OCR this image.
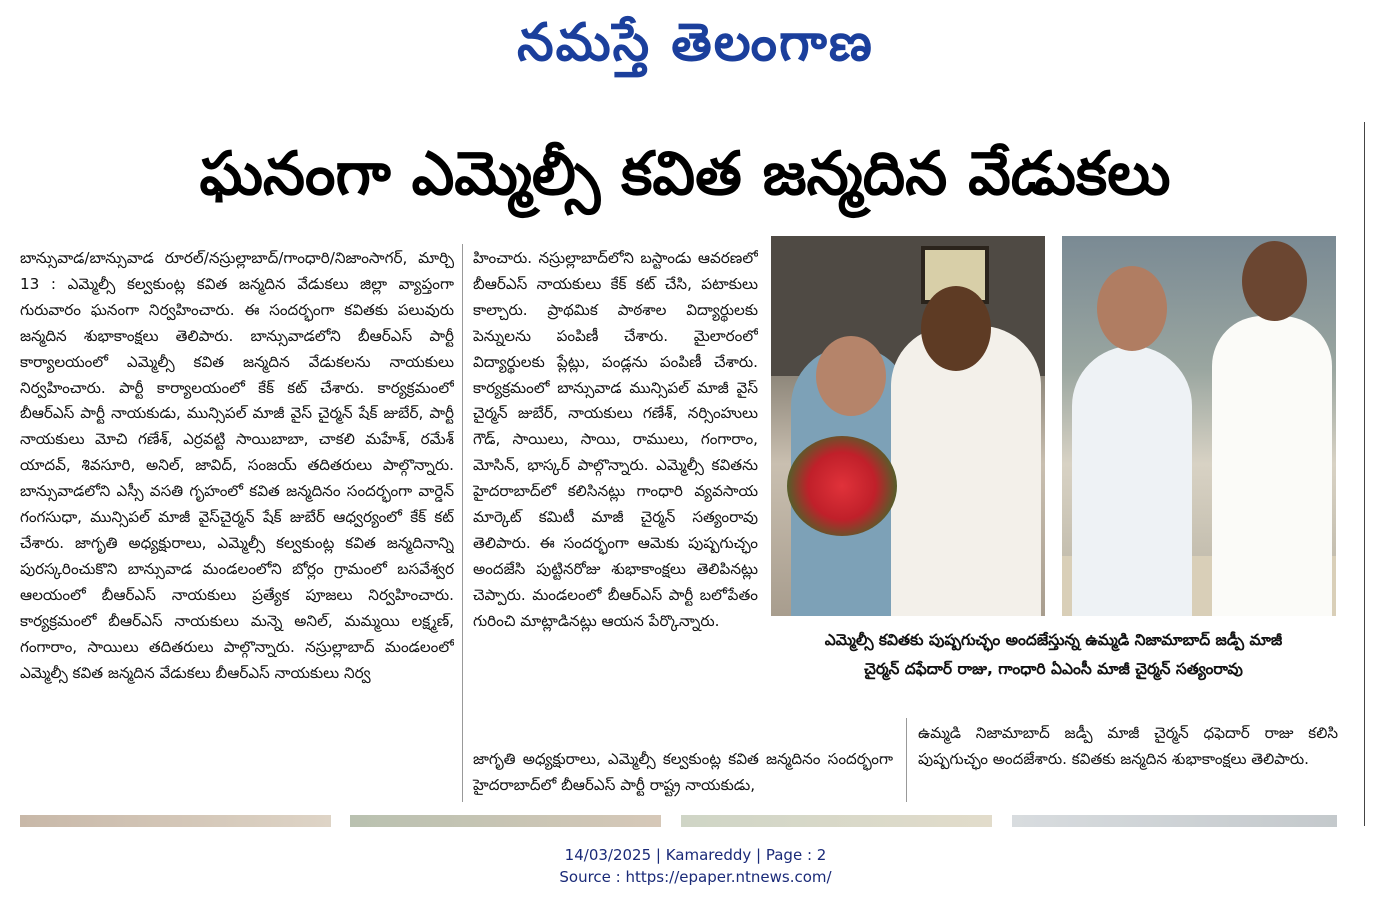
నమస్తే తెలంగాణ
ఘనంగా ఎమ్మెల్సీ కవిత జన్మదిన వేడుకలు

బాన్సువాడ/బాన్సువాడ రూరల్/నస్రుల్లాబాద్/గాంధారి/నిజాంసాగర్, మార్చి 13 : ఎమ్మెల్సీ కల్వకుంట్ల కవిత జన్మదిన వేడుకలు జిల్లా వ్యాప్తంగా గురువారం ఘనంగా నిర్వహించారు. ఈ సందర్భంగా కవితకు పలువురు జన్మదిన శుభాకాంక్షలు తెలిపారు. బాన్సువాడలోని బీఆర్ఎస్ పార్టీ కార్యాలయంలో ఎమ్మెల్సీ కవిత జన్మదిన వేడుకలను నాయకులు నిర్వహించారు. పార్టీ కార్యాలయంలో కేక్ కట్ చేశారు. కార్యక్రమంలో బీఆర్ఎస్ పార్టీ నాయకుడు, మున్సిపల్ మాజీ వైస్ చైర్మన్ షేక్ జుబేర్, పార్టీ నాయకులు మోచి గణేశ్, ఎర్రవట్టి సాయిబాబా, చాకలి మహేశ్, రమేశ్ యాదవ్, శివసూరి, అనిల్, జావిద్, సంజయ్ తదితరులు పాల్గొన్నారు. బాన్సువాడలోని ఎస్సీ వసతి గృహంలో కవిత జన్మదినం సందర్భంగా వార్డెన్ గంగసుధా, మున్సిపల్ మాజీ వైస్‌చైర్మన్ షేక్ జుబేర్ ఆధ్వర్యంలో కేక్ కట్ చేశారు. జాగృతి అధ్యక్షురాలు, ఎమ్మెల్సీ కల్వకుంట్ల కవిత జన్మదినాన్ని పురస్కరించుకొని బాన్సువాడ మండలంలోని బోర్లం గ్రామంలో బసవేశ్వర ఆలయంలో బీఆర్ఎస్ నాయకులు ప్రత్యేక పూజలు నిర్వహించారు. కార్యక్రమంలో బీఆర్ఎస్ నాయకులు మన్నె అనిల్, మమ్మయి లక్ష్మణ్, గంగారాం, సాయిలు తదితరులు పాల్గొన్నారు. నస్రుల్లాబాద్ మండలంలో ఎమ్మెల్సీ కవిత జన్మదిన వేడుకలు బీఆర్ఎస్ నాయకులు నిర్వ

హించారు. నస్రుల్లాబాద్‌లోని బస్టాండు ఆవరణలో బీఆర్ఎస్ నాయకులు కేక్ కట్ చేసి, పటాకులు కాల్చారు. ప్రాథమిక పాఠశాల విద్యార్థులకు పెన్నులను పంపిణీ చేశారు. మైలారంలో విద్యార్థులకు ప్లేట్లు, పండ్లను పంపిణీ చేశారు. కార్యక్రమంలో బాన్సువాడ మున్సిపల్ మాజీ వైస్ చైర్మన్ జుబేర్, నాయకులు గణేశ్, నర్సింహులు గౌడ్, సాయిలు, సాయి, రాములు, గంగారాం, మోసిన్, భాస్కర్ పాల్గొన్నారు. ఎమ్మెల్సీ కవితను హైదరాబాద్‌లో కలిసినట్లు గాంధారి వ్యవసాయ మార్కెట్ కమిటీ మాజీ చైర్మన్ సత్యంరావు తెలిపారు. ఈ సందర్భంగా ఆమెకు పుష్పగుచ్ఛం అందజేసి పుట్టినరోజు శుభాకాంక్షలు తెలిపినట్లు చెప్పారు. మండలంలో బీఆర్ఎస్ పార్టీ బలోపేతం గురించి మాట్లాడినట్లు ఆయన పేర్కొన్నారు.

ఎమ్మెల్సీ కవితకు పుష్పగుచ్ఛం అందజేస్తున్న ఉమ్మడి నిజామాబాద్ జడ్పీ మాజీ
చైర్మన్ దఫేదార్ రాజు, గాంధారి ఏఎంసీ మాజీ చైర్మన్ సత్యంరావు

జాగృతి అధ్యక్షురాలు, ఎమ్మెల్సీ కల్వకుంట్ల కవిత జన్మదినం సందర్భంగా హైదరాబాద్‌లో బీఆర్ఎస్ పార్టీ రాష్ట్ర నాయకుడు,

ఉమ్మడి నిజామాబాద్ జడ్పీ మాజీ చైర్మన్ ధఫెదార్ రాజు కలిసి పుష్పగుచ్ఛం అందజేశారు. కవితకు జన్మదిన శుభాకాంక్షలు తెలిపారు.

14/03/2025 | Kamareddy | Page : 2
Source : https://epaper.ntnews.com/
